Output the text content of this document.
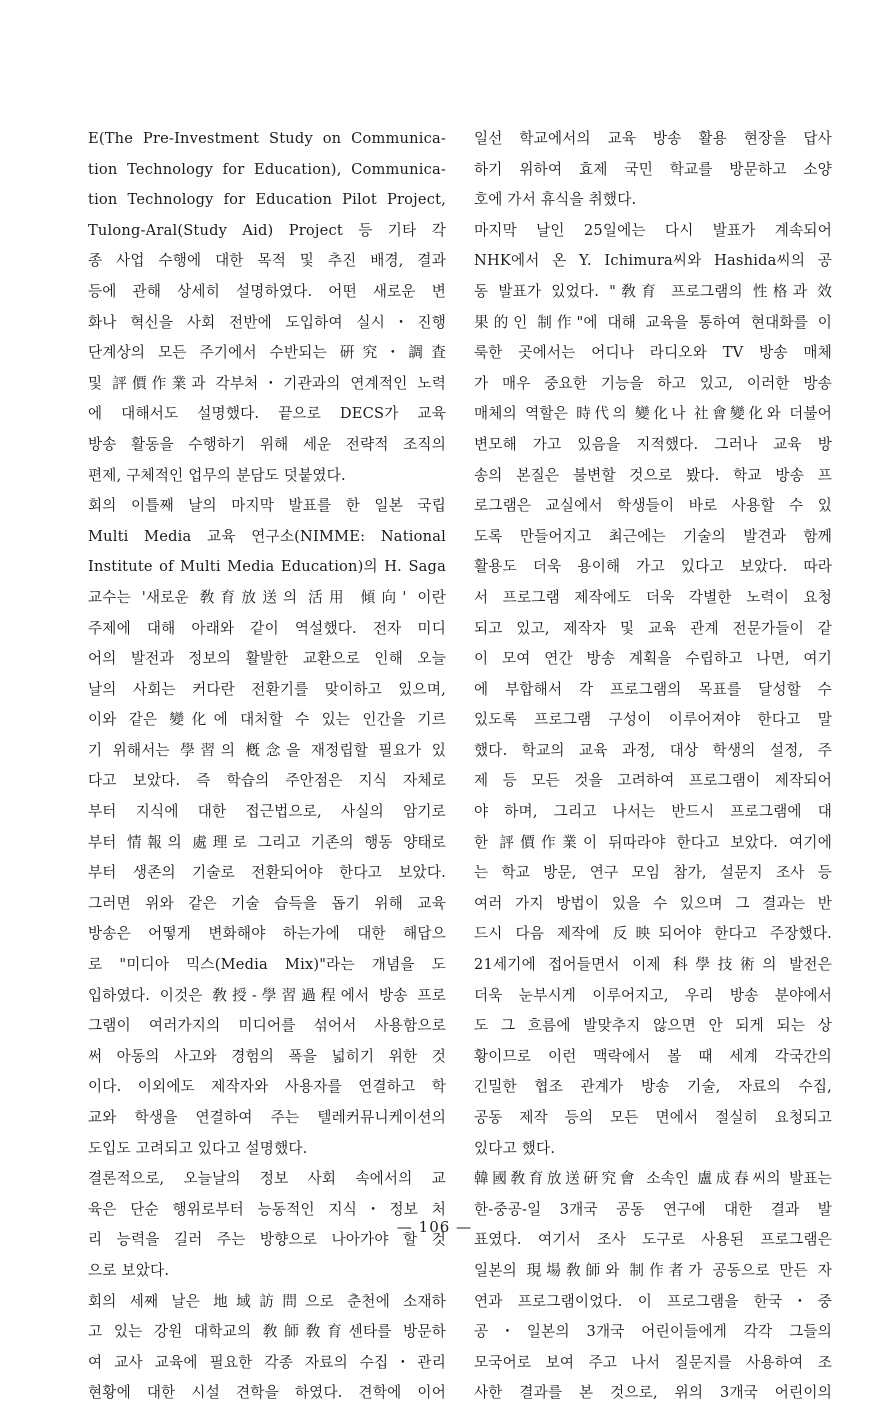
E(The Pre-Investment Study on Communica-
tion Technology for Education), Communica-
tion Technology for Education Pilot Project,
Tulong-Aral(Study Aid) Project 등 기타 각
종 사업 수행에 대한 목적 및 추진 배경, 결과
등에 관해 상세히 설명하였다. 어떤 새로운 변
화나 혁신을 사회 전반에 도입하여 실시・진행
단계상의 모든 주기에서 수반되는 硏究・調査
및 評價作業과 각부처・기관과의 연계적인 노력
에 대해서도 설명했다. 끝으로 DECS가 교육
방송 활동을 수행하기 위해 세운 전략적 조직의
편제, 구체적인 업무의 분담도 덧붙였다.
회의 이틀째 날의 마지막 발표를 한 일본 국립
Multi Media 교육 연구소(NIMME: National
Institute of Multi Media Education)의 H. Saga
교수는 '새로운 敎育放送의 活用 傾向' 이란
주제에 대해 아래와 같이 역설했다. 전자 미디
어의 발전과 정보의 활발한 교환으로 인해 오늘
날의 사회는 커다란 전환기를 맞이하고 있으며,
이와 같은 變化에 대처할 수 있는 인간을 기르
기 위해서는 學習의 槪念을 재정립할 필요가 있
다고 보았다. 즉 학습의 주안점은 지식 자체로
부터 지식에 대한 접근법으로, 사실의 암기로
부터 情報의 處理로 그리고 기존의 행동 양태로
부터 생존의 기술로 전환되어야 한다고 보았다.
그러면 위와 같은 기술 습득을 돕기 위해 교육
방송은 어떻게 변화해야 하는가에 대한 해답으
로 "미디아 믹스(Media Mix)"라는 개념을 도
입하였다. 이것은 敎授-學習過程에서 방송 프로
그램이 여러가지의 미디어를 섞어서 사용함으로
써 아동의 사고와 경험의 폭을 넓히기 위한 것
이다. 이외에도 제작자와 사용자를 연결하고 학
교와 학생을 연결하여 주는 텔레커뮤니케이션의
도입도 고려되고 있다고 설명했다.
결론적으로, 오늘날의 정보 사회 속에서의 교
육은 단순 행위로부터 능동적인 지식・정보 처
리 능력을 길러 주는 방향으로 나아가야 할 것
으로 보았다.
회의 세째 날은 地域訪問으로 춘천에 소재하
고 있는 강원 대학교의 敎師敎育센타를 방문하
여 교사 교육에 필요한 각종 자료의 수집・관리
현황에 대한 시설 견학을 하였다. 견학에 이어
일선 학교에서의 교육 방송 활용 현장을 답사
하기 위하여 효제 국민 학교를 방문하고 소양
호에 가서 휴식을 취했다.
마지막 날인 25일에는 다시 발표가 계속되어
NHK에서 온 Y. Ichimura씨와 Hashida씨의 공
동 발표가 있었다. "敎育 프로그램의 性格과 效
果的인 制作"에 대해 교육을 통하여 현대화를 이
룩한 곳에서는 어디나 라디오와 TV 방송 매체
가 매우 중요한 기능을 하고 있고, 이러한 방송
매체의 역할은 時代의 變化나 社會變化와 더불어
변모해 가고 있음을 지적했다. 그러나 교육 방
송의 본질은 불변할 것으로 봤다. 학교 방송 프
로그램은 교실에서 학생들이 바로 사용할 수 있
도록 만들어지고 최근에는 기술의 발견과 함께
활용도 더욱 용이해 가고 있다고 보았다. 따라
서 프로그램 제작에도 더욱 각별한 노력이 요청
되고 있고, 제작자 및 교육 관계 전문가들이 같
이 모여 연간 방송 계획을 수립하고 나면, 여기
에 부합해서 각 프로그램의 목표를 달성할 수
있도록 프로그램 구성이 이루어져야 한다고 말
했다. 학교의 교육 과정, 대상 학생의 설정, 주
제 등 모든 것을 고려하여 프로그램이 제작되어
야 하며, 그리고 나서는 반드시 프로그램에 대
한 評價作業이 뒤따라야 한다고 보았다. 여기에
는 학교 방문, 연구 모임 참가, 설문지 조사 등
여러 가지 방법이 있을 수 있으며 그 결과는 반
드시 다음 제작에 反映되어야 한다고 주장했다.
21세기에 접어들면서 이제 科學技術의 발전은
더욱 눈부시게 이루어지고, 우리 방송 분야에서
도 그 흐름에 발맞추지 않으면 안 되게 되는 상
황이므로 이런 맥락에서 볼 때 세계 각국간의
긴밀한 협조 관계가 방송 기술, 자료의 수집,
공동 제작 등의 모든 면에서 절실히 요청되고
있다고 했다.
韓國敎育放送硏究會 소속인 盧成春씨의 발표는
한-중공-일 3개국 공동 연구에 대한 결과 발
표였다. 여기서 조사 도구로 사용된 프로그램은
일본의 現場敎師와 制作者가 공동으로 만든 자
연과 프로그램이었다. 이 프로그램을 한국・중
공・일본의 3개국 어린이들에게 각각 그들의
모국어로 보여 주고 나서 질문지를 사용하여 조
사한 결과를 본 것으로, 위의 3개국 어린이의
— 106 —
